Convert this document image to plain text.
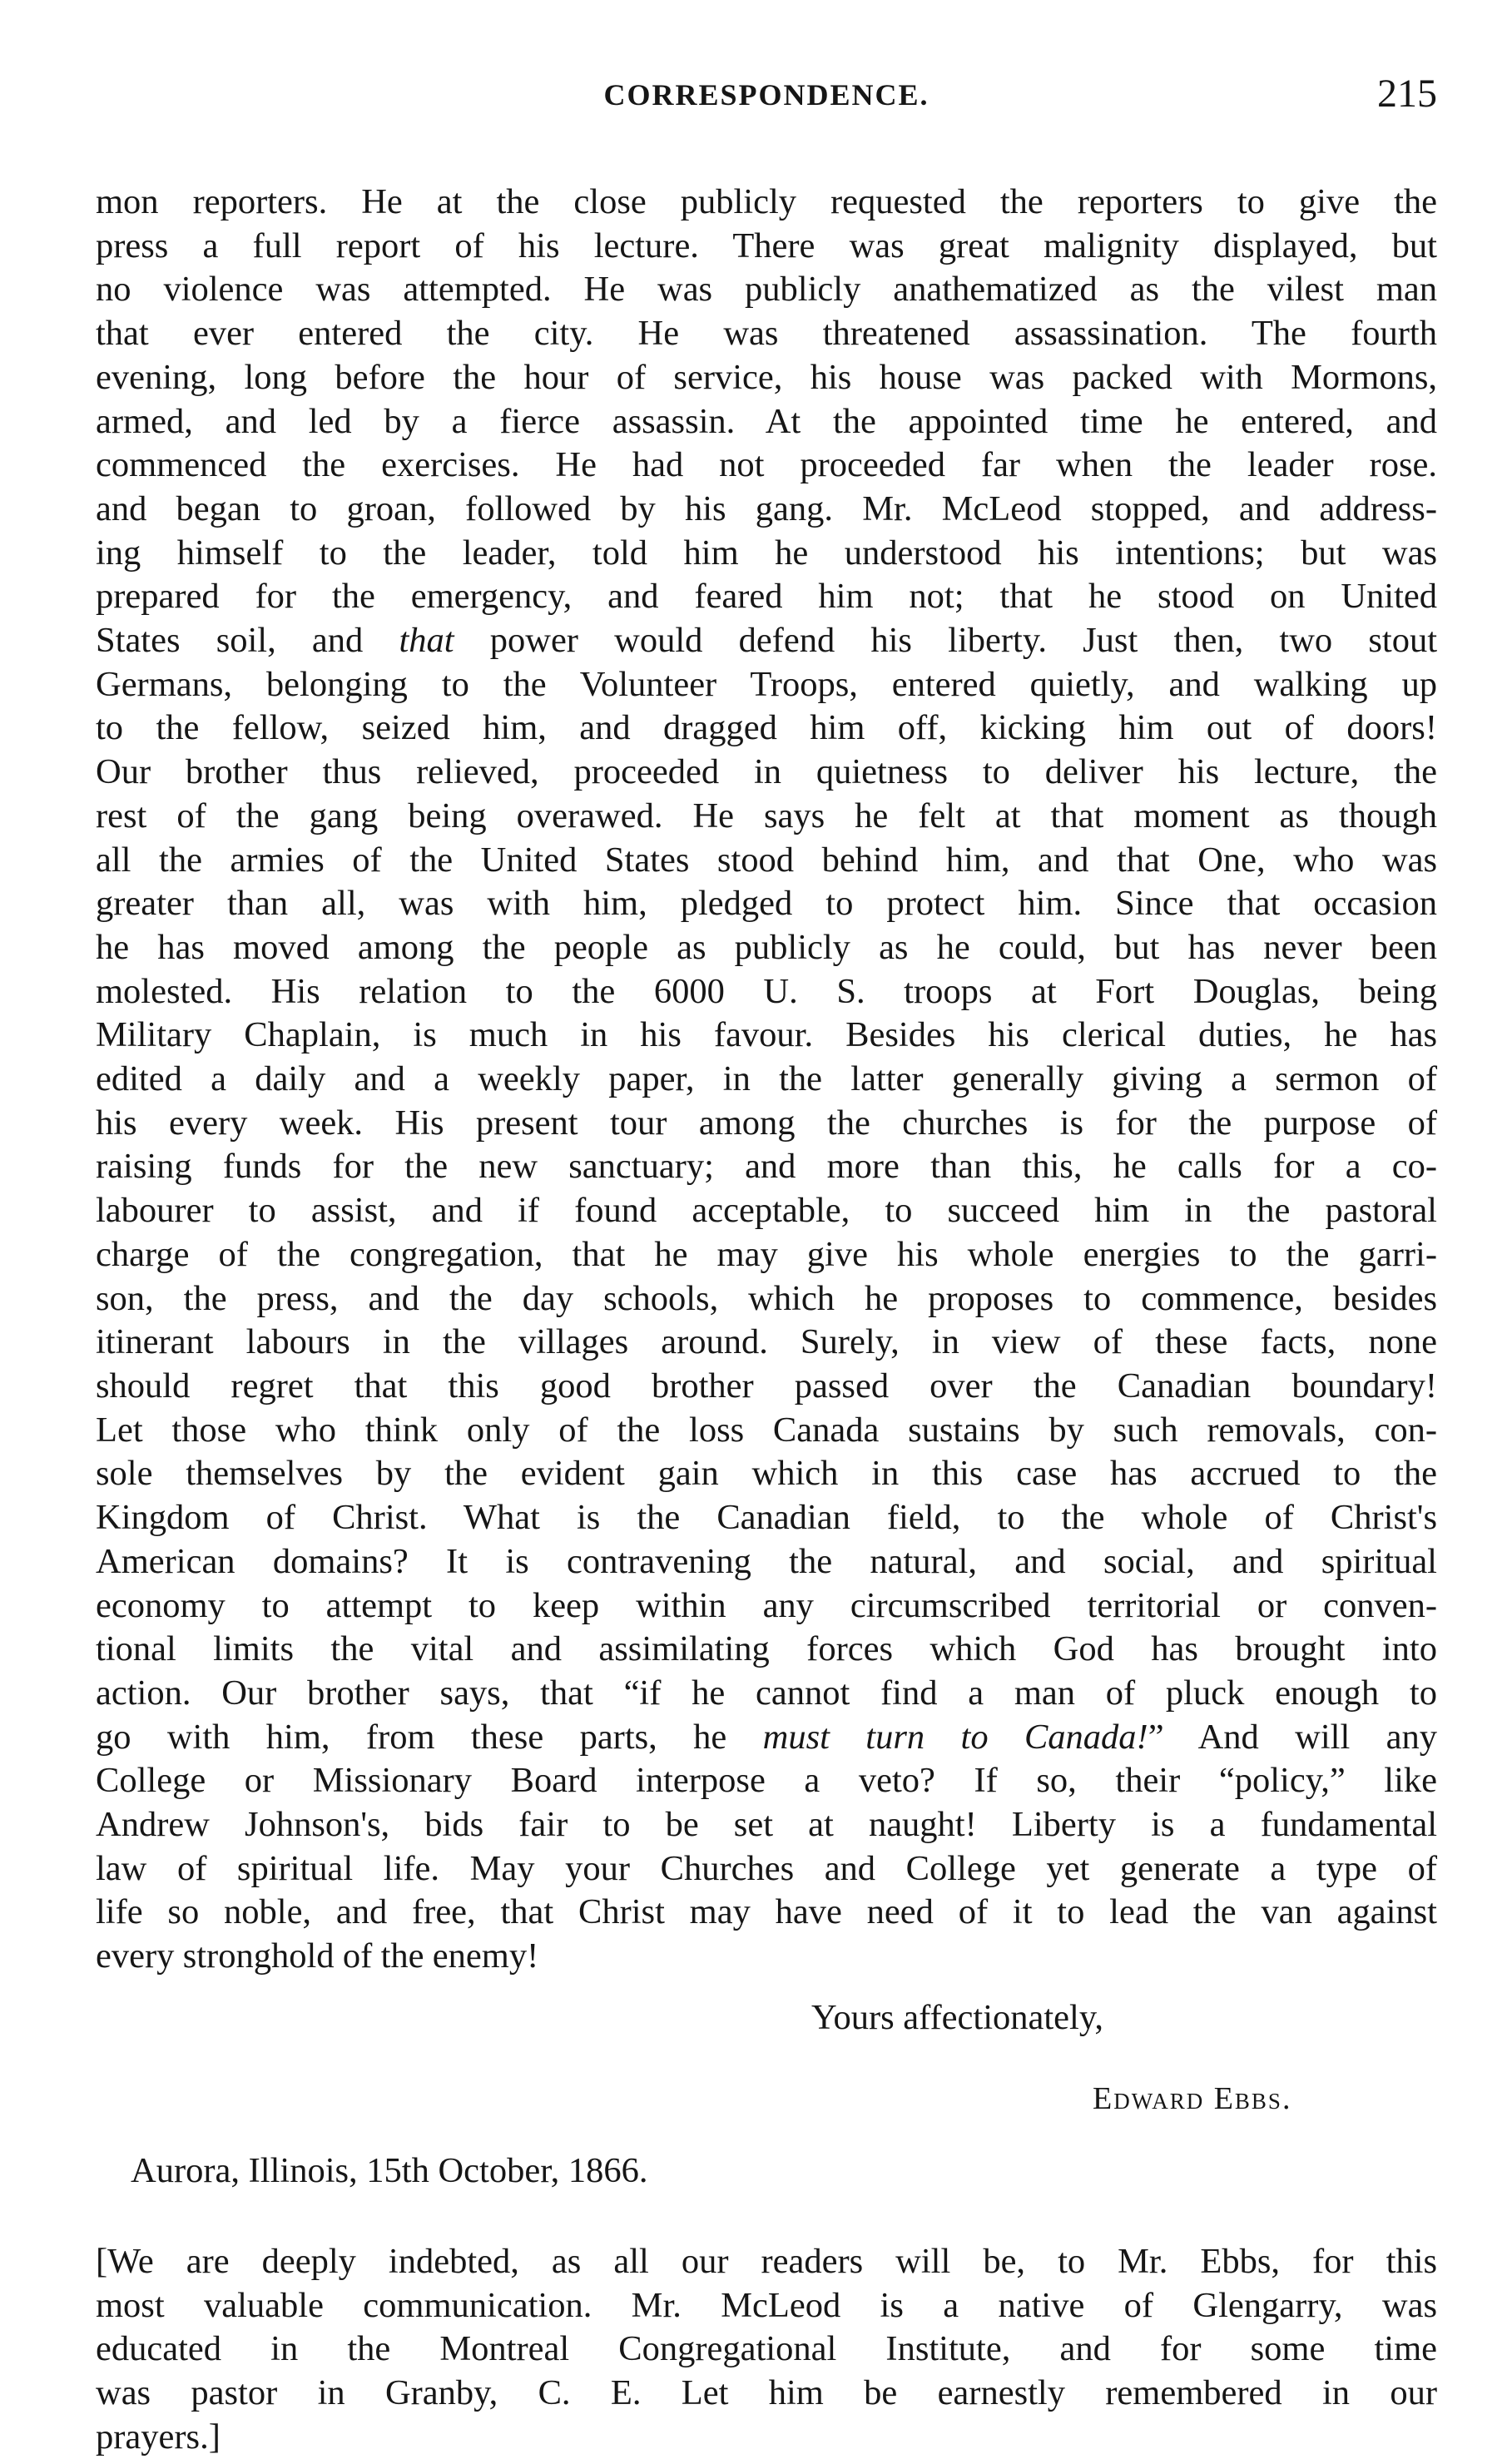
CORRESPONDENCE.	215
mon reporters. He at the close publicly requested the reporters to give the
press a full report of his lecture. There was great malignity displayed, but
no violence was attempted. He was publicly anathematized as the vilest man
that ever entered the city. He was threatened assassination. The fourth
evening, long before the hour of service, his house was packed with Mormons,
armed, and led by a fierce assassin. At the appointed time he entered, and
commenced the exercises. He had not proceeded far when the leader rose.
and began to groan, followed by his gang. Mr. McLeod stopped, and address-
ing himself to the leader, told him he understood his intentions; but was
prepared for the emergency, and feared him not; that he stood on United
States soil, and that power would defend his liberty. Just then, two stout
Germans, belonging to the Volunteer Troops, entered quietly, and walking up
to the fellow, seized him, and dragged him off, kicking him out of doors!
Our brother thus relieved, proceeded in quietness to deliver his lecture, the
rest of the gang being overawed. He says he felt at that moment as though
all the armies of the United States stood behind him, and that One, who was
greater than all, was with him, pledged to protect him. Since that occasion
he has moved among the people as publicly as he could, but has never been
molested. His relation to the 6000 U. S. troops at Fort Douglas, being
Military Chaplain, is much in his favour. Besides his clerical duties, he has
edited a daily and a weekly paper, in the latter generally giving a sermon of
his every week. His present tour among the churches is for the purpose of
raising funds for the new sanctuary; and more than this, he calls for a co-
labourer to assist, and if found acceptable, to succeed him in the pastoral
charge of the congregation, that he may give his whole energies to the garri-
son, the press, and the day schools, which he proposes to commence, besides
itinerant labours in the villages around. Surely, in view of these facts, none
should regret that this good brother passed over the Canadian boundary!
Let those who think only of the loss Canada sustains by such removals, con-
sole themselves by the evident gain which in this case has accrued to the
Kingdom of Christ. What is the Canadian field, to the whole of Christ's
American domains? It is contravening the natural, and social, and spiritual
economy to attempt to keep within any circumscribed territorial or conven-
tional limits the vital and assimilating forces which God has brought into
action. Our brother says, that “if he cannot find a man of pluck enough to
go with him, from these parts, he must turn to Canada!” And will any
College or Missionary Board interpose a veto? If so, their “policy,” like
Andrew Johnson's, bids fair to be set at naught! Liberty is a fundamental
law of spiritual life. May your Churches and College yet generate a type of
life so noble, and free, that Christ may have need of it to lead the van against
every stronghold of the enemy!
Yours affectionately,
Edward Ebbs.
Aurora, Illinois, 15th October, 1866.
[We are deeply indebted, as all our readers will be, to Mr. Ebbs, for this
most valuable communication. Mr. McLeod is a native of Glengarry, was
educated in the Montreal Congregational Institute, and for some time
was pastor in Granby, C. E. Let him be earnestly remembered in our
prayers.]
